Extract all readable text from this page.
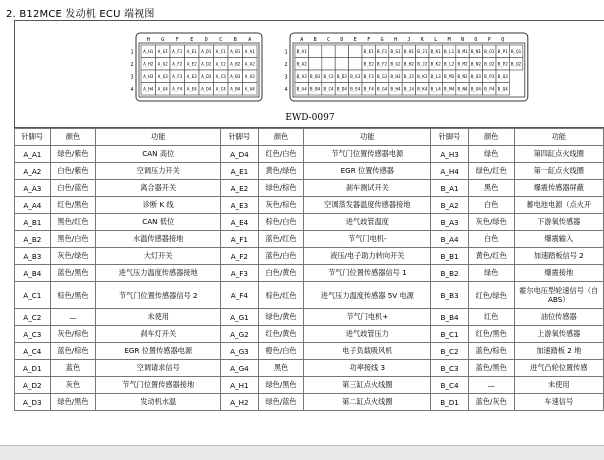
2. B12MCE 发动机 ECU 端视图
H G F E D C B A
1 A_H1 A_G1 A_F1 A_E1 A_D1 A_C1 A_B1 A_A1
2 A_H2 A_G2 A_F2 A_E2 A_D2 A_C2 A_B2 A_A2
3 A_H3 A_G3 A_F3 A_E3 A_D3 A_C3 A_B3 A_A3
4 A_H4 A_G4 A_F4 A_E4 A_D4 A_C4 A_B4 A_A4
A B C D E F G H J K L M N O P Q
1 B_A1	B_E1 B_F1 B_G1 B_H1 B_J1 B_K1 B_L1 B_M1 B_N1 B_O1 B_P1 B_Q1
2 B_A2	B_E2 B_F2 B_G2 B_H2 B_J2 B_K2 B_L2 B_M2 B_N2 B_O2 B_P2 B_Q2
3 B_A3 B_B3 B_C3 B_D3 B_E3 B_F3 B_G3 B_H3 B_J3 B_K3 B_L3 B_M3 B_N3 B_O3 B_P3 B_Q3
4 B_A4 B_B4 B_C4 B_D4 B_E4 B_F4 B_G4 B_H4 B_J4 B_K4 B_L4 B_M4 B_N4 B_O4 B_P4 B_Q4
EWD-0097
针脚号	颜色	功能	针脚号	颜色	功能	针脚号	颜色	功能
A_A1	绿色/紫色	CAN 高位	A_D4	红色/白色	节气门位置传感器电源	A_H3	绿色	第四缸点火线圈
A_A2	白色/紫色	空调压力开关	A_E1	黄色/绿色	EGR 位置传感器	A_H4	绿色/红色	第一缸点火线圈
A_A3	白色/蓝色	离合器开关	A_E2	绿色/棕色	刹车测试开关	B_A1	黑色	爆震传感器屏蔽
A_A4	红色/黑色	诊断 K 线	A_E3	灰色/棕色	空调蒸发器温度传感器接地	B_A2	白色	蓄电池电源（点火开
A_B1	黑色/红色	CAN 低位	A_E4	棕色/白色	进气歧管温度	B_A3	灰色/绿色	下游氧传感器
A_B2	黑色/白色	水温传感器接地	A_F1	蓝色/红色	节气门电机-	B_A4	白色	爆震输入
A_B3	灰色/绿色	大灯开关	A_F2	蓝色/白色	液压/电子助力转向开关	B_B1	黄色/红色	加速踏板信号 2
A_B4	蓝色/黑色	进气压力温度传感器接地	A_F3	白色/黄色	节气门位置传感器信号 1	B_B2	绿色	爆震接地
A_C1	棕色/黑色	节气门位置传感器信号 2	A_F4	棕色/红色	进气压力温度传感器 5V 电源	B_B3	红色/绿色	霍尔电压型轮速信号（自 ABS）
A_C2	—	未使用	A_G1	绿色/黄色	节气门电机+	B_B4	红色	油位传感器
A_C3	灰色/棕色	刹车灯开关	A_G2	红色/黄色	进气歧管压力	B_C1	红色/黑色	上游氧传感器
A_C4	蓝色/棕色	EGR 位置传感器电源	A_G3	橙色/白色	电子负载吸风机	B_C2	蓝色/棕色	加速踏板 2 地
A_D1	蓝色	空调请求信号	A_G4	黑色	功率接线 3	B_C3	蓝色/黑色	进气凸轮位置传感
A_D2	灰色	节气门位置传感器接地	A_H1	绿色/黑色	第三缸点火线圈	B_C4	—	未使用
A_D3	绿色/黑色	发动机水温	A_H2	绿色/蓝色	第二缸点火线圈	B_D1	蓝色/灰色	车速信号
